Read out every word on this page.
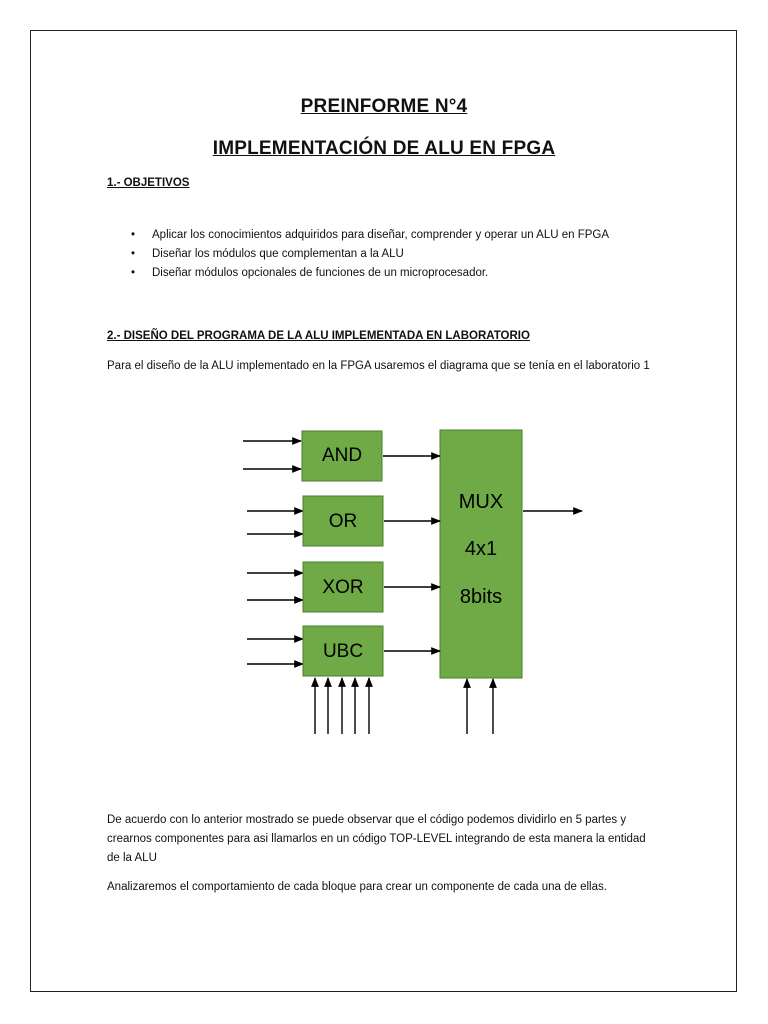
PREINFORME N°4
IMPLEMENTACIÓN DE ALU EN FPGA
1.- OBJETIVOS
• Aplicar los conocimientos adquiridos para diseñar, comprender y operar un ALU en FPGA
• Diseñar los módulos que complementan a la ALU
• Diseñar módulos opcionales de funciones de un microprocesador.
2.- DISEÑO DEL PROGRAMA DE LA ALU IMPLEMENTADA EN LABORATORIO
Para el diseño de la ALU implementado en la FPGA usaremos el diagrama que se tenía en el laboratorio 1
AND
OR
XOR
UBC
MUX
4x1
8bits
De acuerdo con lo anterior mostrado se puede observar que el código podemos dividirlo en 5 partes y crearnos componentes para asi llamarlos en un código TOP-LEVEL integrando de esta manera la entidad de la ALU
Analizaremos el comportamiento de cada bloque para crear un componente de cada una de ellas.
